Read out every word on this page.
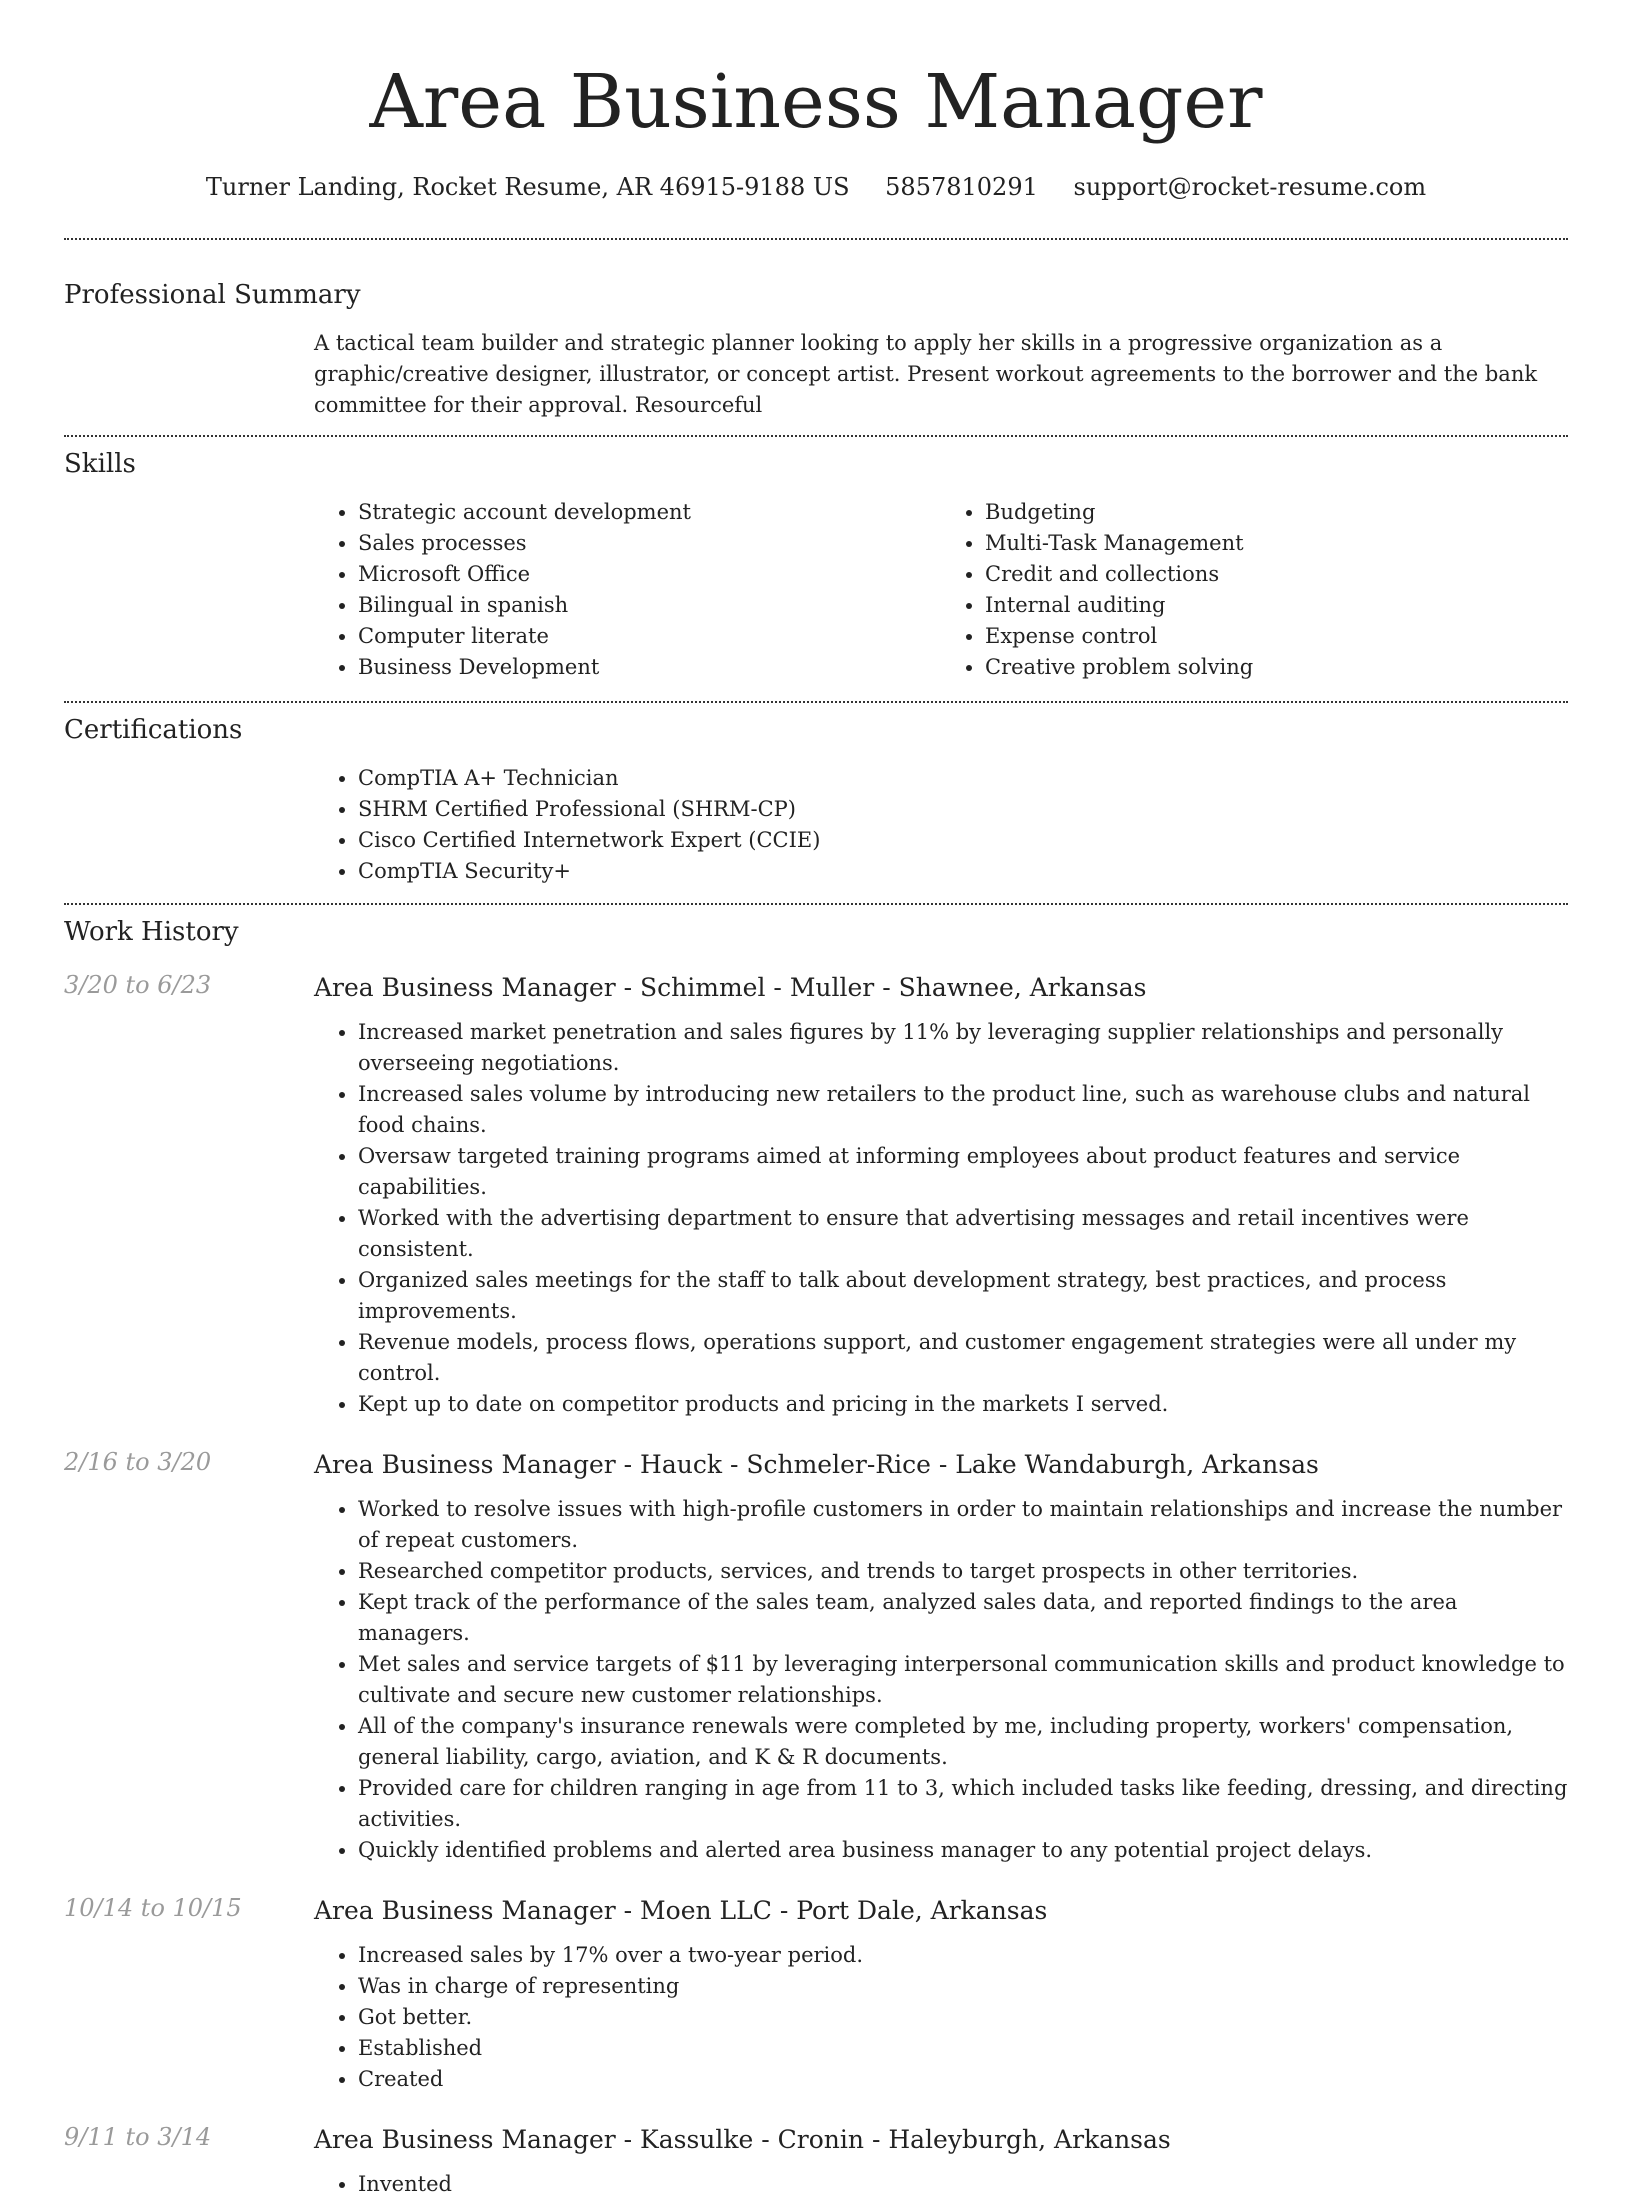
Area Business Manager
Turner Landing, Rocket Resume, AR 46915-9188 US 5857810291 support@rocket-resume.com
Professional Summary

A tactical team builder and strategic planner looking to apply her skills in a progressive organization as a graphic/creative designer, illustrator, or concept artist. Present workout agreements to the borrower and the bank committee for their approval. Resourceful

Skills
• Strategic account development
• Sales processes
• Microsoft Office
• Bilingual in spanish
• Computer literate
• Business Development
• Budgeting
• Multi-Task Management
• Credit and collections
• Internal auditing
• Expense control
• Creative problem solving
Certifications
• CompTIA A+ Technician
• SHRM Certified Professional (SHRM-CP)
• Cisco Certified Internetwork Expert (CCIE)
• CompTIA Security+
Work History
3/20 to 6/23	Area Business Manager - Schimmel - Muller - Shawnee, Arkansas
• Increased market penetration and sales figures by 11% by leveraging supplier relationships and personally overseeing negotiations.
• Increased sales volume by introducing new retailers to the product line, such as warehouse clubs and natural food chains.
• Oversaw targeted training programs aimed at informing employees about product features and service capabilities.
• Worked with the advertising department to ensure that advertising messages and retail incentives were consistent.
• Organized sales meetings for the staff to talk about development strategy, best practices, and process improvements.
• Revenue models, process flows, operations support, and customer engagement strategies were all under my control.
• Kept up to date on competitor products and pricing in the markets I served.
2/16 to 3/20	Area Business Manager - Hauck - Schmeler-Rice - Lake Wandaburgh, Arkansas
• Worked to resolve issues with high-profile customers in order to maintain relationships and increase the number of repeat customers.
• Researched competitor products, services, and trends to target prospects in other territories.
• Kept track of the performance of the sales team, analyzed sales data, and reported findings to the area managers.
• Met sales and service targets of $11 by leveraging interpersonal communication skills and product knowledge to cultivate and secure new customer relationships.
• All of the company's insurance renewals were completed by me, including property, workers' compensation, general liability, cargo, aviation, and K & R documents.
• Provided care for children ranging in age from 11 to 3, which included tasks like feeding, dressing, and directing activities.
• Quickly identified problems and alerted area business manager to any potential project delays.
10/14 to 10/15	Area Business Manager - Moen LLC - Port Dale, Arkansas
• Increased sales by 17% over a two-year period.
• Was in charge of representing
• Got better.
• Established
• Created
9/11 to 3/14	Area Business Manager - Kassulke - Cronin - Haleyburgh, Arkansas
• Invented
